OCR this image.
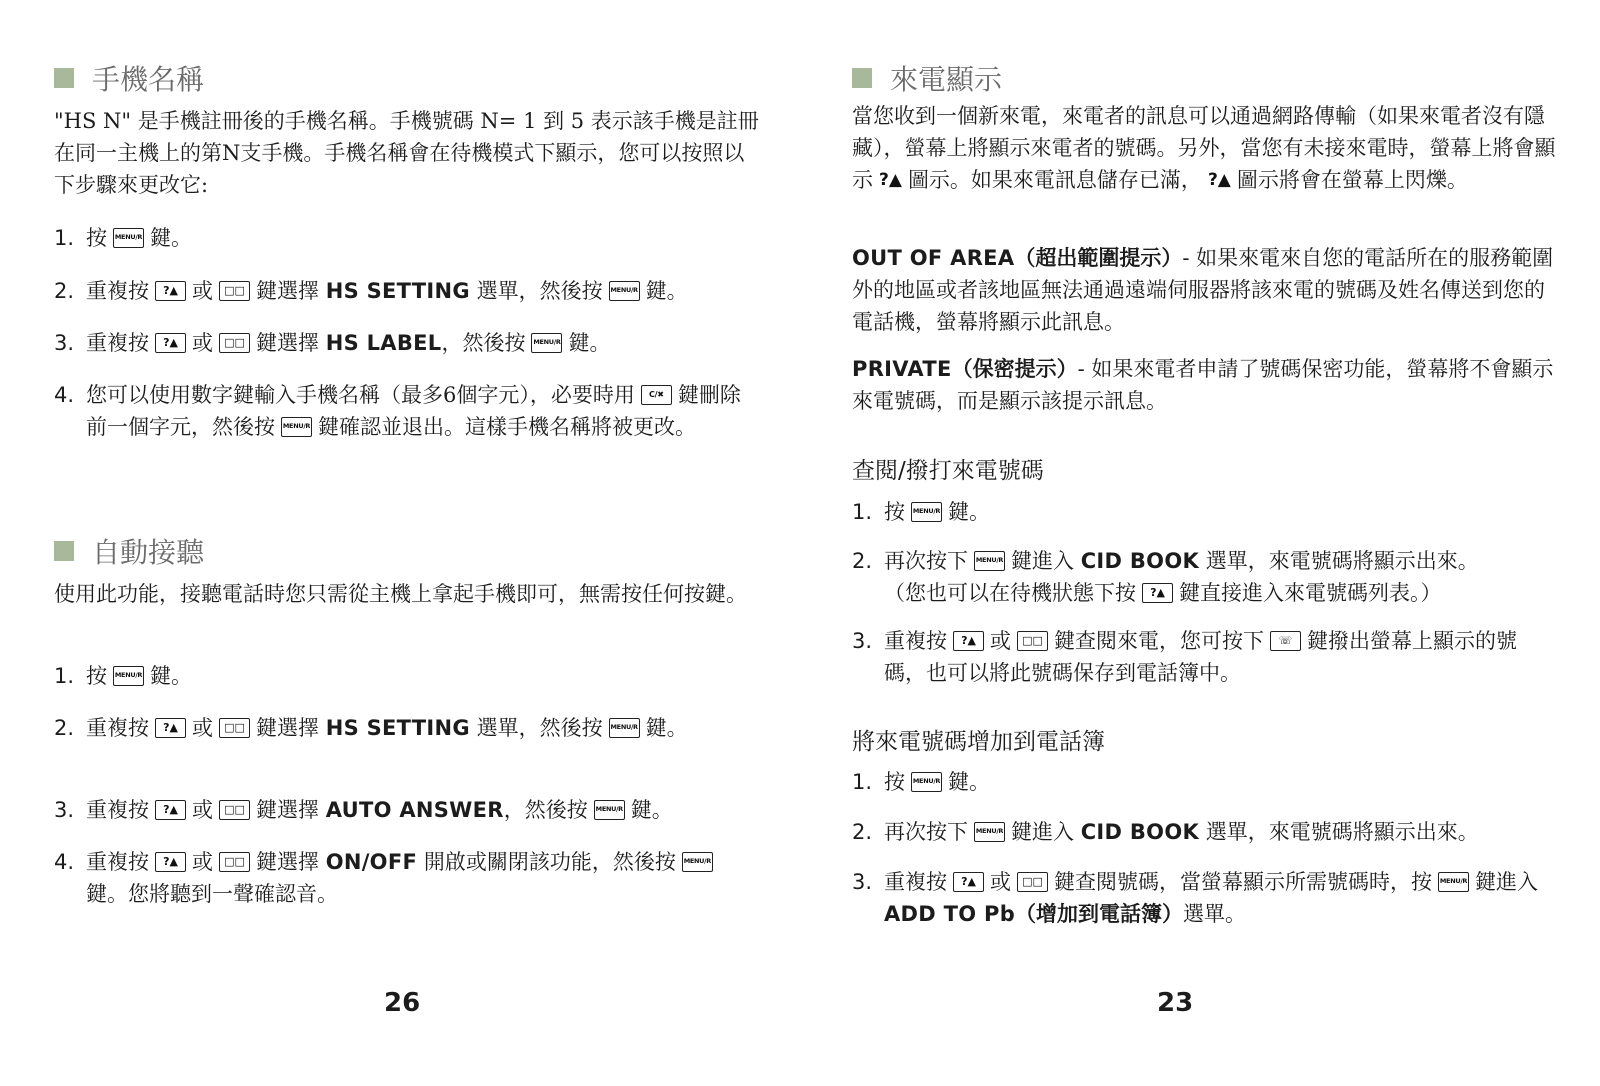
手機名稱
"HS N" 是手機註冊後的手機名稱。手機號碼 N= 1 到 5 表示該手機是註冊在同一主機上的第N支手機。手機名稱會在待機模式下顯示，您可以按照以下步驟來更改它:
1. 按 MENU/R 鍵。
2. 重複按 ?▲ 或 □□ 鍵選擇 HS SETTING 選單，然後按 MENU/R 鍵。
3. 重複按 ?▲ 或 □□ 鍵選擇 HS LABEL，然後按 MENU/R 鍵。
4. 您可以使用數字鍵輸入手機名稱（最多6個字元），必要時用 C/✖ 鍵刪除前一個字元，然後按 MENU/R 鍵確認並退出。這樣手機名稱將被更改。
自動接聽
使用此功能，接聽電話時您只需從主機上拿起手機即可，無需按任何按鍵。
1. 按 MENU/R 鍵。
2. 重複按 ?▲ 或 □□ 鍵選擇 HS SETTING 選單，然後按 MENU/R 鍵。
3. 重複按 ?▲ 或 □□ 鍵選擇 AUTO ANSWER，然後按 MENU/R 鍵。
4. 重複按 ?▲ 或 □□ 鍵選擇 ON/OFF 開啟或關閉該功能，然後按 MENU/R鍵。您將聽到一聲確認音。
26
來電顯示
當您收到一個新來電，來電者的訊息可以通過網路傳輸（如果來電者沒有隱藏），螢幕上將顯示來電者的號碼。另外，當您有未接來電時，螢幕上將會顯示 ?▲ 圖示。如果來電訊息儲存已滿， ?▲ 圖示將會在螢幕上閃爍。
OUT OF AREA（超出範圍提示）- 如果來電來自您的電話所在的服務範圍外的地區或者該地區無法通過遠端伺服器將該來電的號碼及姓名傳送到您的電話機，螢幕將顯示此訊息。
PRIVATE（保密提示）- 如果來電者申請了號碼保密功能，螢幕將不會顯示來電號碼，而是顯示該提示訊息。
查閱/撥打來電號碼
1. 按 MENU/R 鍵。
2. 再次按下 MENU/R 鍵進入 CID BOOK 選單，來電號碼將顯示出來。
（您也可以在待機狀態下按 ?▲ 鍵直接進入來電號碼列表。）
3. 重複按 ?▲ 或 □□ 鍵查閱來電，您可按下 ☏ 鍵撥出螢幕上顯示的號碼，也可以將此號碼保存到電話簿中。
將來電號碼增加到電話簿
1. 按 MENU/R 鍵。
2. 再次按下 MENU/R 鍵進入 CID BOOK 選單，來電號碼將顯示出來。
3. 重複按 ?▲ 或 □□ 鍵查閱號碼，當螢幕顯示所需號碼時，按 MENU/R 鍵進入 ADD TO Pb（增加到電話簿）選單。
23
